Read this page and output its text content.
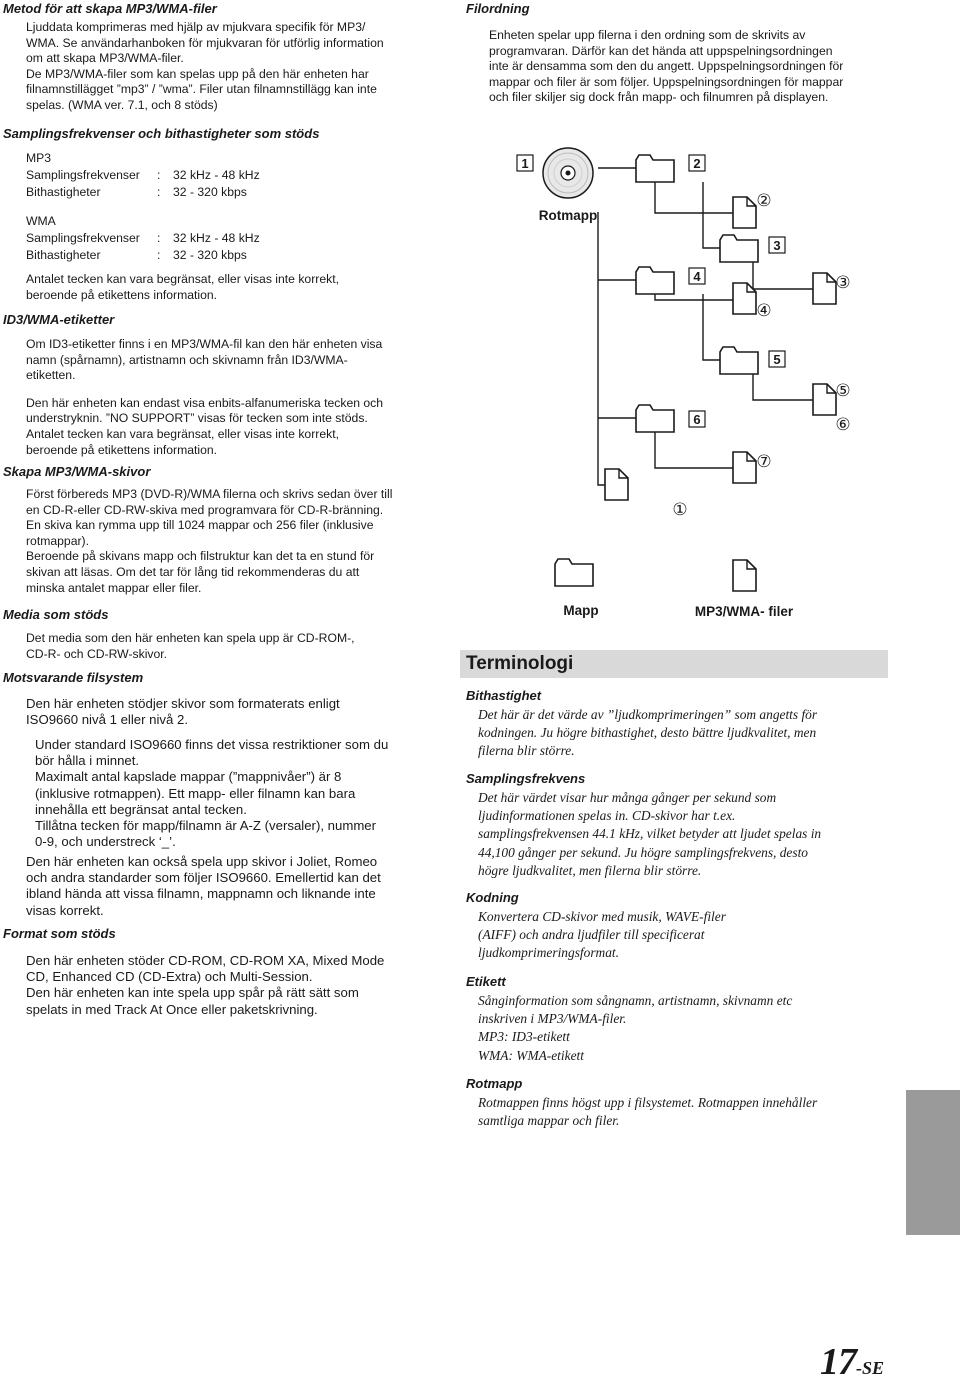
Metod för att skapa MP3/WMA-filer

Ljuddata komprimeras med hjälp av mjukvara specifik för MP3/

WMA. Se användarhanboken för mjukvaran för utförlig information

om att skapa MP3/WMA-filer.

De MP3/WMA-filer som kan spelas upp på den här enheten har

filnamnstillägget ”mp3” / ”wma”. Filer utan filnamnstillägg kan inte

spelas. (WMA ver. 7.1, och 8 stöds)

Samplingsfrekvenser och bithastigheter som stöds
MP3
Samplingsfrekvenser	:	32 kHz - 48 kHz
Bithastigheter	:	32 - 320 kbps
WMA
Samplingsfrekvenser	:	32 kHz - 48 kHz
Bithastigheter	:	32 - 320 kbps

Antalet tecken kan vara begränsat, eller visas inte korrekt,

beroende på etikettens information.

ID3/WMA-etiketter

Om ID3-etiketter finns i en MP3/WMA-fil kan den här enheten visa

namn (spårnamn), artistnamn och skivnamn från ID3/WMA-

etiketten.

Den här enheten kan endast visa enbits-alfanumeriska tecken och

understryknin. ”NO SUPPORT” visas för tecken som inte stöds.

Antalet tecken kan vara begränsat, eller visas inte korrekt,

beroende på etikettens information.

Skapa MP3/WMA-skivor

Först förbereds MP3 (DVD-R)/WMA filerna och skrivs sedan över till

en CD-R-eller CD-RW-skiva med programvara för CD-R-bränning.

En skiva kan rymma upp till 1024 mappar och 256 filer (inklusive

rotmappar).

Beroende på skivans mapp och filstruktur kan det ta en stund för

skivan att läsas. Om det tar för lång tid rekommenderas du att

minska antalet mappar eller filer.

Media som stöds

Det media som den här enheten kan spela upp är CD-ROM-,

CD-R- och CD-RW-skivor.

Motsvarande filsystem

Den här enheten stödjer skivor som formaterats enligt

ISO9660 nivå 1 eller nivå 2.

Under standard ISO9660 finns det vissa restriktioner som du

bör hålla i minnet.

Maximalt antal kapslade mappar (”mappnivåer”) är 8

(inklusive rotmappen). Ett mapp- eller filnamn kan bara

innehålla ett begränsat antal tecken.

Tillåtna tecken för mapp/filnamn är A-Z (versaler), nummer

0-9, och understreck ‘_’.

Den här enheten kan också spela upp skivor i Joliet, Romeo

och andra standarder som följer ISO9660. Emellertid kan det

ibland hända att vissa filnamn, mappnamn och liknande inte

visas korrekt.

Format som stöds

Den här enheten stöder CD-ROM, CD-ROM XA, Mixed Mode

CD, Enhanced CD (CD-Extra) och Multi-Session.

Den här enheten kan inte spela upp spår på rätt sätt som

spelats in med Track At Once eller paketskrivning.

Filordning

Enheten spelar upp filerna i den ordning som de skrivits av

programvaran. Därför kan det hända att uppspelningsordningen

inte är densamma som den du angett. Uppspelningsordningen för

mappar och filer är som följer. Uppspelningsordningen för mappar

och filer skiljer sig dock från mapp- och filnumren på displayen.

Rotmapp
1	2
3
4
5
6
②
③
④
⑤
⑥
⑦
①
Mapp	MP3/WMA- filer
Terminologi
Bithastighet

Det här är det värde av ”ljudkomprimeringen” som angetts för

kodningen. Ju högre bithastighet, desto bättre ljudkvalitet, men

filerna blir större.

Samplingsfrekvens

Det här värdet visar hur många gånger per sekund som

ljudinformationen spelas in. CD-skivor har t.ex.

samplingsfrekvensen 44.1 kHz, vilket betyder att ljudet spelas in

44,100 gånger per sekund. Ju högre samplingsfrekvens, desto

högre ljudkvalitet, men filerna blir större.

Kodning

Konvertera CD-skivor med musik, WAVE-filer

(AIFF) och andra ljudfiler till specificerat

ljudkomprimeringsformat.

Etikett

Sånginformation som sångnamn, artistnamn, skivnamn etc

inskriven i MP3/WMA-filer.

MP3: ID3-etikett

WMA: WMA-etikett

Rotmapp

Rotmappen finns högst upp i filsystemet. Rotmappen innehåller

samtliga mappar och filer.

17-SE
